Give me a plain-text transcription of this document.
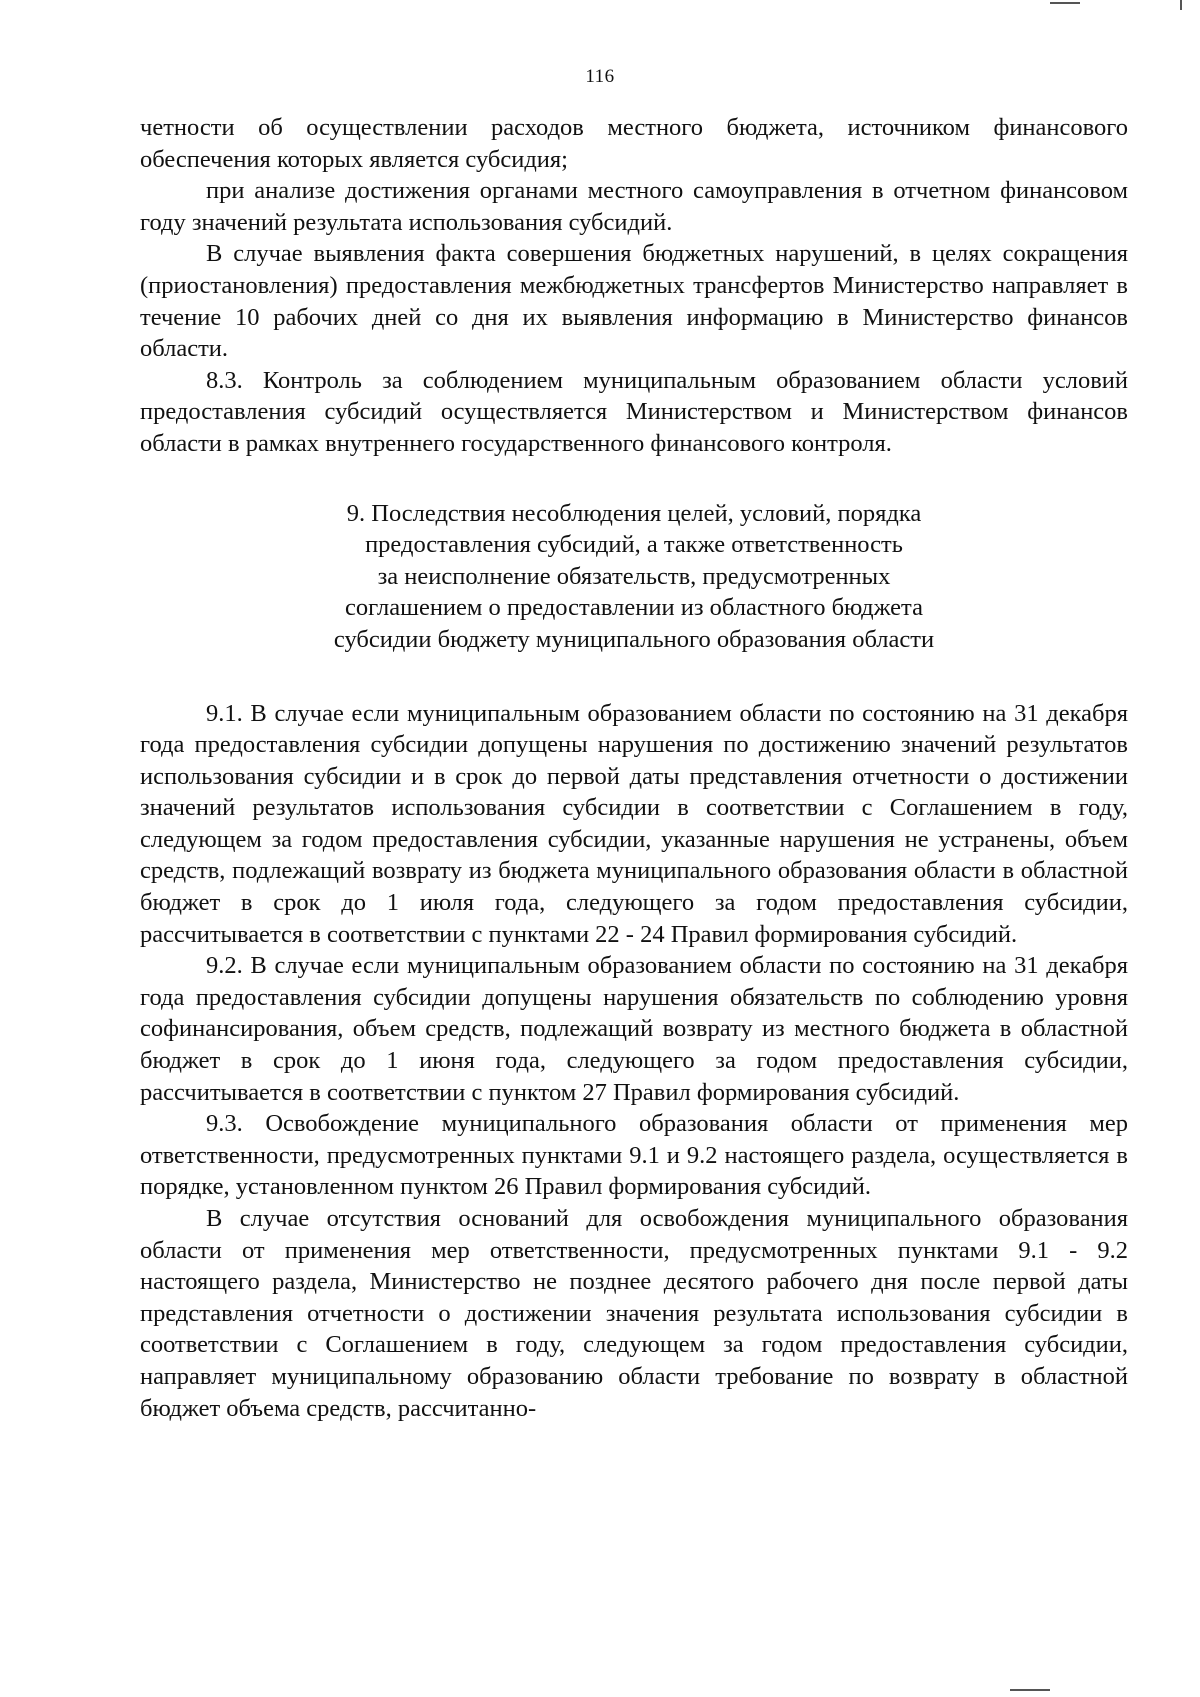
116

четности об осуществлении расходов местного бюджета, источником финансового обеспечения которых является субсидия;

при анализе достижения органами местного самоуправления в отчетном финансовом году значений результата использования субсидий.

В случае выявления факта совершения бюджетных нарушений, в целях сокращения (приостановления) предоставления межбюджетных трансфертов Министерство направляет в течение 10 рабочих дней со дня их выявления информацию в Министерство финансов области.

8.3. Контроль за соблюдением муниципальным образованием области условий предоставления субсидий осуществляется Министерством и Министерством финансов области в рамках внутреннего государственного финансового контроля.

9. Последствия несоблюдения целей, условий, порядка
предоставления субсидий, а также ответственность
за неисполнение обязательств, предусмотренных
соглашением о предоставлении из областного бюджета
субсидии бюджету муниципального образования области

9.1. В случае если муниципальным образованием области по состоянию на 31 декабря года предоставления субсидии допущены нарушения по достижению значений результатов использования субсидии и в срок до первой даты представления отчетности о достижении значений результатов использования субсидии в соответствии с Соглашением в году, следующем за годом предоставления субсидии, указанные нарушения не устранены, объем средств, подлежащий возврату из бюджета муниципального образования области в областной бюджет в срок до 1 июля года, следующего за годом предоставления субсидии, рассчитывается в соответствии с пунктами 22 - 24 Правил формирования субсидий.

9.2. В случае если муниципальным образованием области по состоянию на 31 декабря года предоставления субсидии допущены нарушения обязательств по соблюдению уровня софинансирования, объем средств, подлежащий возврату из местного бюджета в областной бюджет в срок до 1 июня года, следующего за годом предоставления субсидии, рассчитывается в соответствии с пунктом 27 Правил формирования субсидий.

9.3. Освобождение муниципального образования области от применения мер ответственности, предусмотренных пунктами 9.1 и 9.2 настоящего раздела, осуществляется в порядке, установленном пунктом 26 Правил формирования субсидий.

В случае отсутствия оснований для освобождения муниципального образования области от применения мер ответственности, предусмотренных пунктами 9.1 - 9.2 настоящего раздела, Министерство не позднее десятого рабочего дня после первой даты представления отчетности о достижении значения результата использования субсидии в соответствии с Соглашением в году, следующем за годом предоставления субсидии, направляет муниципальному образованию области требование по возврату в областной бюджет объема средств, рассчитанно-
